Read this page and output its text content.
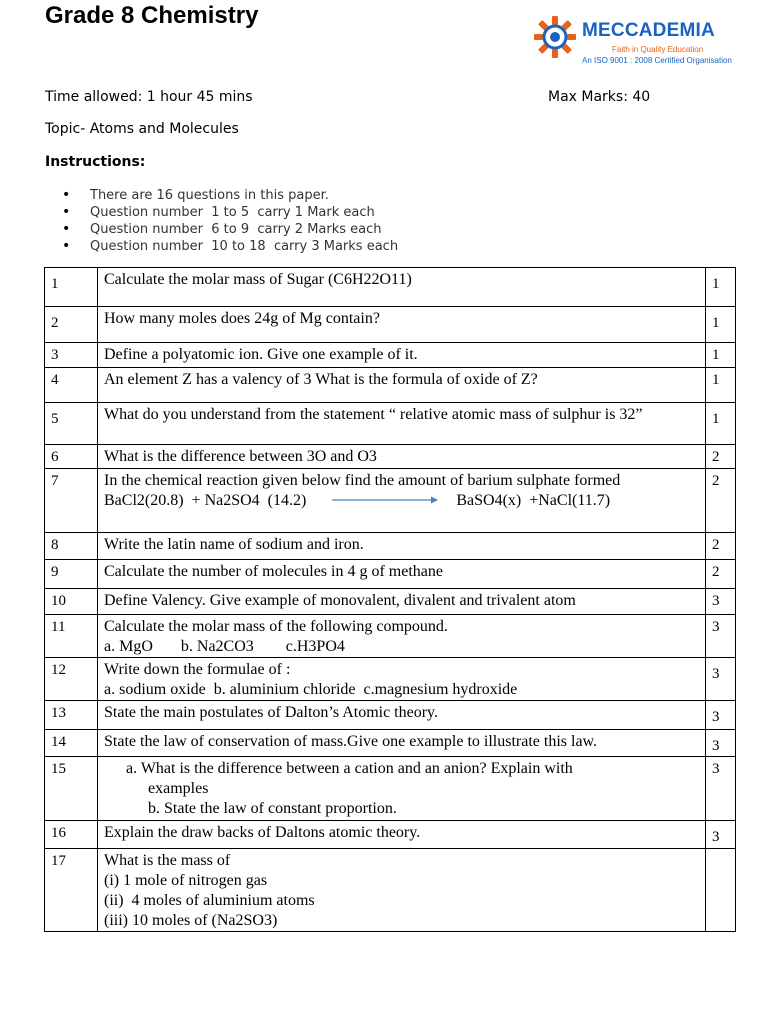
Grade 8 Chemistry
MECCADEMIA
Faith in Quality Education
An ISO 9001 : 2008 Certified Organisation
Time allowed: 1 hour 45 mins	Max Marks: 40
Topic- Atoms and Molecules
Instructions:
• There are 16 questions in this paper.
• Question number  1 to 5  carry 1 Mark each
• Question number  6 to 9  carry 2 Marks each
• Question number  10 to 18  carry 3 Marks each
1	Calculate the molar mass of Sugar (C6H22O11)	1
2	How many moles does 24g of Mg contain?	1
3	Define a polyatomic ion. Give one example of it.	1
4	An element Z has a valency of 3 What is the formula of oxide of Z?	1
5	What do you understand from the statement “ relative atomic mass of sulphur is 32”	1
6	What is the difference between 3O and O3	2
7	In the chemical reaction given below find the amount of barium sulphate formed
BaCl2(20.8)  + Na2SO4  (14.2) BaSO4(x)  +NaCl(11.7)	2
8	Write the latin name of sodium and iron.	2
9	Calculate the number of molecules in 4 g of methane	2
10	Define Valency. Give example of monovalent, divalent and trivalent atom	3
11	Calculate the molar mass of the following compound.
a. MgO       b. Na2CO3        c.H3PO4	3
12	Write down the formulae of :
a. sodium oxide  b. aluminium chloride  c.magnesium hydroxide	3
13	State the main postulates of Dalton’s Atomic theory.	3
14	State the law of conservation of mass.Give one example to illustrate this law.	3
15	a. What is the difference between a cation and an anion? Explain with
examples
b. State the law of constant proportion.	3
16	Explain the draw backs of Daltons atomic theory.	3
17	What is the mass of
(i) 1 mole of nitrogen gas
(ii)  4 moles of aluminium atoms
(iii) 10 moles of (Na2SO3)	
